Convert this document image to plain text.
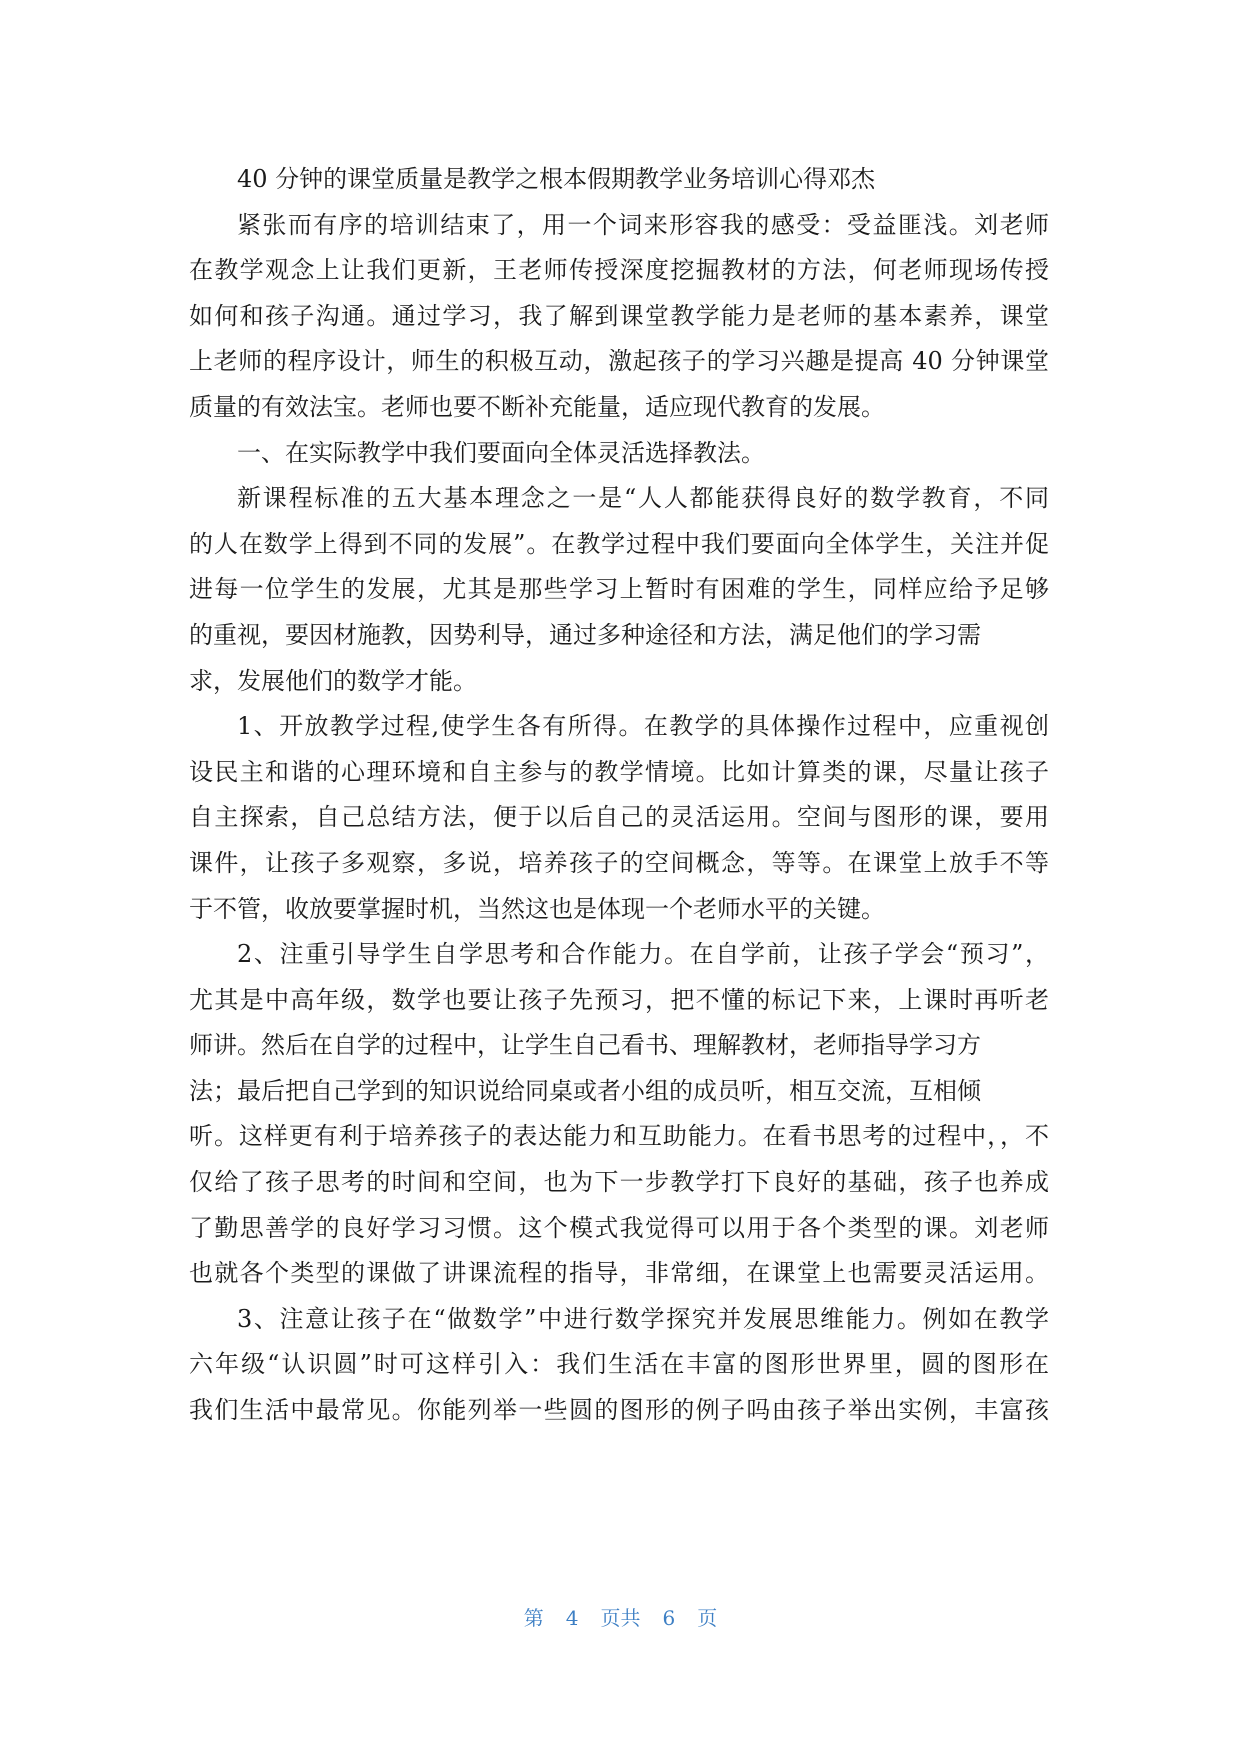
40 分钟的课堂质量是教学之根本假期教学业务培训心得邓杰
紧张而有序的培训结束了，用一个词来形容我的感受：受益匪浅。刘老师
在教学观念上让我们更新，王老师传授深度挖掘教材的方法，何老师现场传授
如何和孩子沟通。通过学习，我了解到课堂教学能力是老师的基本素养，课堂
上老师的程序设计，师生的积极互动，激起孩子的学习兴趣是提高 40 分钟课堂
质量的有效法宝。老师也要不断补充能量，适应现代教育的发展。
一、在实际教学中我们要面向全体灵活选择教法。
新课程标准的五大基本理念之一是“人人都能获得良好的数学教育，不同
的人在数学上得到不同的发展”。在教学过程中我们要面向全体学生，关注并促
进每一位学生的发展，尤其是那些学习上暂时有困难的学生，同样应给予足够
的重视，要因材施教，因势利导，通过多种途径和方法，满足他们的学习需
求，发展他们的数学才能。
1、开放教学过程,使学生各有所得。在教学的具体操作过程中，应重视创
设民主和谐的心理环境和自主参与的教学情境。比如计算类的课，尽量让孩子
自主探索，自己总结方法，便于以后自己的灵活运用。空间与图形的课，要用
课件，让孩子多观察，多说，培养孩子的空间概念，等等。在课堂上放手不等
于不管，收放要掌握时机，当然这也是体现一个老师水平的关键。
2、注重引导学生自学思考和合作能力。在自学前，让孩子学会“预习”，
尤其是中高年级，数学也要让孩子先预习，把不懂的标记下来，上课时再听老
师讲。然后在自学的过程中，让学生自己看书、理解教材，老师指导学习方
法；最后把自己学到的知识说给同桌或者小组的成员听，相互交流，互相倾
听。这样更有利于培养孩子的表达能力和互助能力。在看书思考的过程中，，不
仅给了孩子思考的时间和空间，也为下一步教学打下良好的基础，孩子也养成
了勤思善学的良好学习习惯。这个模式我觉得可以用于各个类型的课。刘老师
也就各个类型的课做了讲课流程的指导，非常细，在课堂上也需要灵活运用。
3、注意让孩子在“做数学”中进行数学探究并发展思维能力。例如在教学
六年级“认识圆”时可这样引入：我们生活在丰富的图形世界里，圆的图形在
我们生活中最常见。你能列举一些圆的图形的例子吗由孩子举出实例，丰富孩
第 4 页共 6 页
